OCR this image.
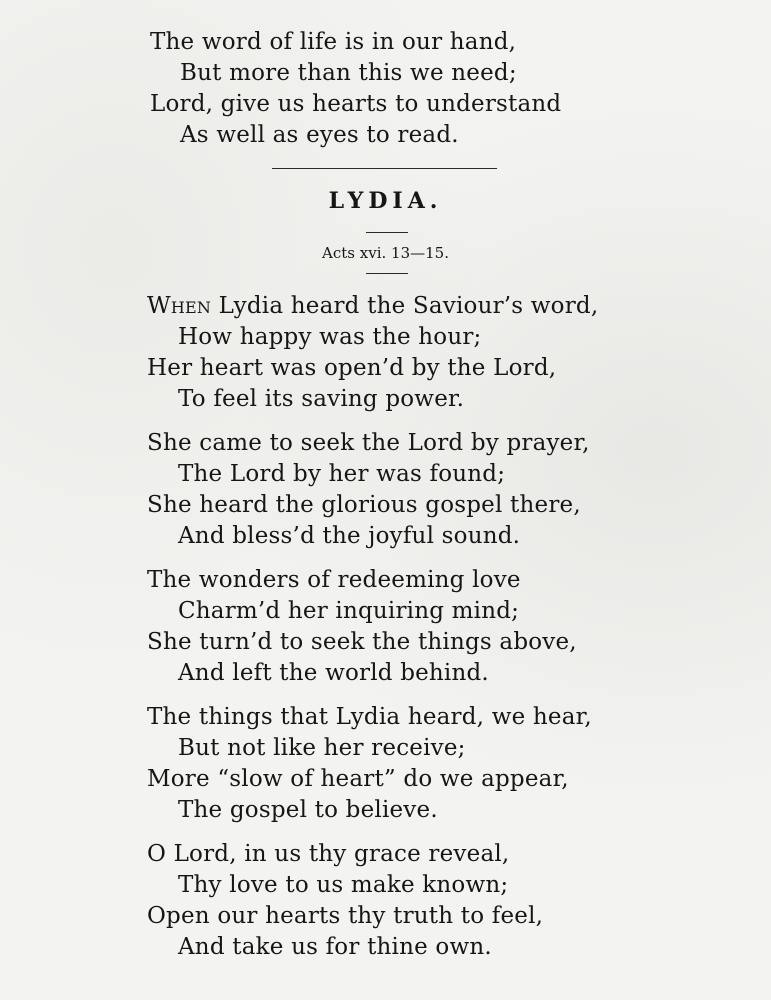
The word of life is in our hand,
But more than this we need;
Lord, give us hearts to understand
As well as eyes to read.
LYDIA.
Acts xvi. 13—15.
When Lydia heard the Saviour’s word,
How happy was the hour;
Her heart was open’d by the Lord,
To feel its saving power.
She came to seek the Lord by prayer,
The Lord by her was found;
She heard the glorious gospel there,
And bless’d the joyful sound.
The wonders of redeeming love
Charm’d her inquiring mind;
She turn’d to seek the things above,
And left the world behind.
The things that Lydia heard, we hear,
But not like her receive;
More “slow of heart” do we appear,
The gospel to believe.
O Lord, in us thy grace reveal,
Thy love to us make known;
Open our hearts thy truth to feel,
And take us for thine own.
